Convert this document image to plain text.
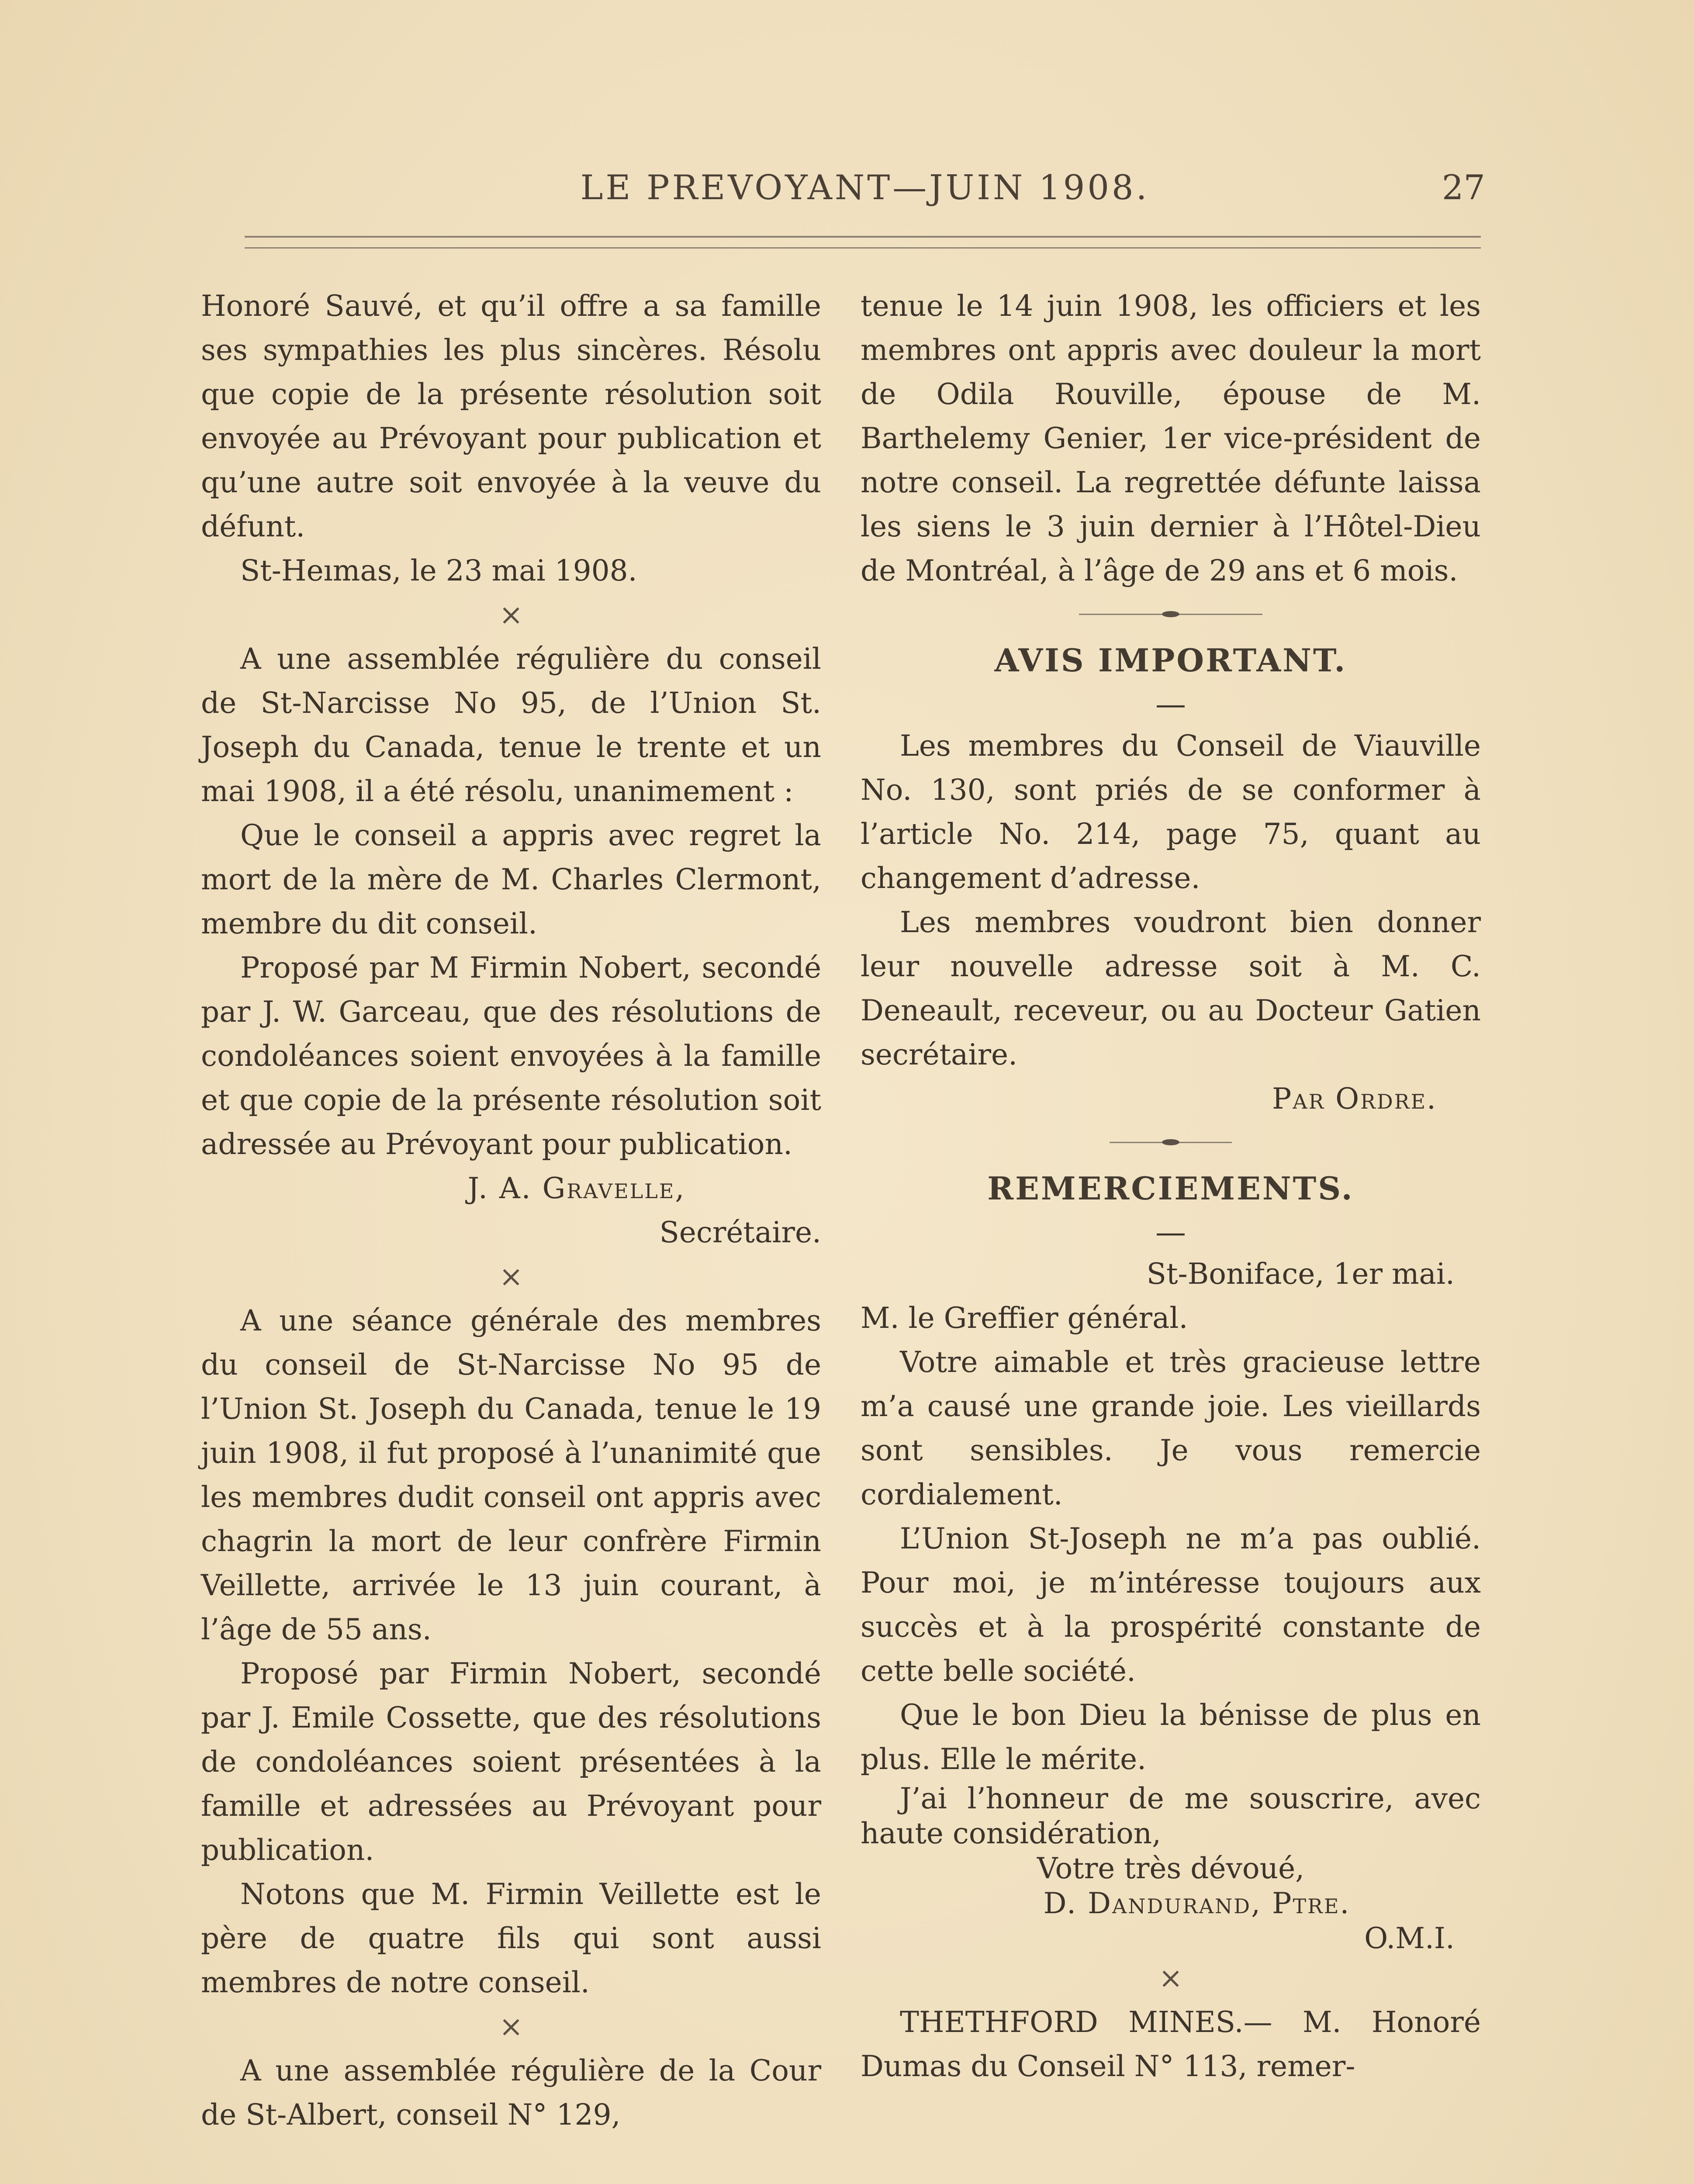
LE PREVOYANT—JUIN 1908.	27

Honoré Sauvé, et qu’il offre a sa famille ses sympathies les plus sincères. Résolu que copie de la présente résolution soit envoyée au Prévoyant pour publication et qu’une autre soit envoyée à la veuve du défunt.

St-Heımas, le 23 mai 1908.

×

A une assemblée régulière du conseil de St-Narcisse No 95, de l’Union St. Joseph du Canada, tenue le trente et un mai 1908, il a été résolu, unanimement :

Que le conseil a appris avec regret la mort de la mère de M. Charles Clermont, membre du dit conseil.

Proposé par M Firmin Nobert, secondé par J. W. Garceau, que des résolutions de condoléances soient envoyées à la famille et que copie de la présente résolution soit adressée au Prévoyant pour publication.

J. A. Gravelle,

Secrétaire.

×

A une séance générale des membres du conseil de St-Narcisse No 95 de l’Union St. Joseph du Canada, tenue le 19 juin 1908, il fut proposé à l’unanimité que les membres dudit conseil ont appris avec chagrin la mort de leur confrère Firmin Veillette, arrivée le 13 juin courant, à l’âge de 55 ans.

Proposé par Firmin Nobert, secondé par J. Emile Cossette, que des résolutions de condoléances soient présentées à la famille et adressées au Prévoyant pour publication.

Notons que M. Firmin Veillette est le père de quatre fils qui sont aussi membres de notre conseil.

×

A une assemblée régulière de la Cour de St-Albert, conseil N° 129,

tenue le 14 juin 1908, les officiers et les membres ont appris avec douleur la mort de Odila Rouville, épouse de M. Barthelemy Genier, 1er vice-président de notre conseil. La regrettée défunte laissa les siens le 3 juin dernier à l’Hôtel-Dieu de Montréal, à l’âge de 29 ans et 6 mois.

AVIS IMPORTANT.

—

Les membres du Conseil de Viauville No. 130, sont priés de se conformer à l’article No. 214, page 75, quant au changement d’adresse.

Les membres voudront bien donner leur nouvelle adresse soit à M. C. Deneault, receveur, ou au Docteur Gatien secrétaire.

Par Ordre.

REMERCIEMENTS.

—

St-Boniface, 1er mai.

M. le Greffier général.

Votre aimable et très gracieuse lettre m’a causé une grande joie. Les vieillards sont sensibles. Je vous remercie cordialement.

L’Union St-Joseph ne m’a pas oublié. Pour moi, je m’intéresse toujours aux succès et à la prospérité constante de cette belle société.

Que le bon Dieu la bénisse de plus en plus. Elle le mérite.

J’ai l’honneur de me souscrire, avec haute considération,

Votre très dévoué,

D. Dandurand, Ptre.

O.M.I.

×

THETHFORD MINES.— M. Honoré Dumas du Conseil N° 113, remer-
